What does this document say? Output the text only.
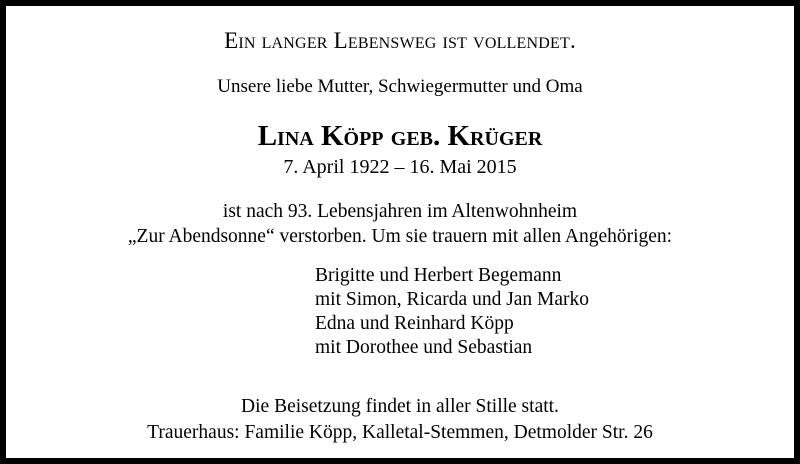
Ein langer Lebensweg ist vollendet.
Unsere liebe Mutter, Schwiegermutter und Oma
Lina Köpp geb. Krüger
7. April 1922 – 16. Mai 2015
ist nach 93. Lebensjahren im Altenwohnheim
„Zur Abendsonne“ verstorben. Um sie trauern mit allen Angehörigen:
Brigitte und Herbert Begemann
mit Simon, Ricarda und Jan Marko
Edna und Reinhard Köpp
mit Dorothee und Sebastian
Die Beisetzung findet in aller Stille statt.
Trauerhaus: Familie Köpp, Kalletal-Stemmen, Detmolder Str. 26
